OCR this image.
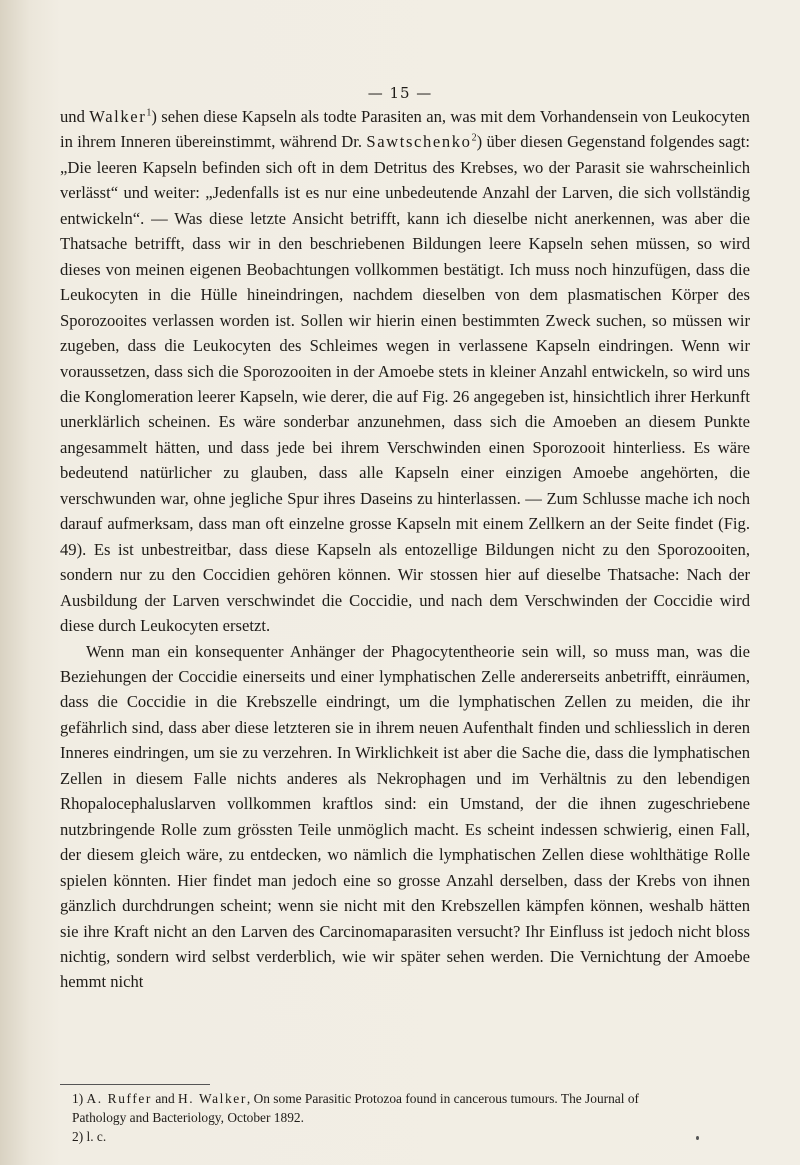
— 15 —

und Walker$^1$) sehen diese Kapseln als todte Parasiten an, was mit dem Vorhandensein von Leukocyten in ihrem Inneren übereinstimmt, während Dr. Sawtschenko$^2$) über diesen Gegenstand folgendes sagt: „Die leeren Kapseln befinden sich oft in dem Detritus des Krebses, wo der Parasit sie wahrscheinlich verlässt“ und weiter: „Jedenfalls ist es nur eine unbedeutende Anzahl der Larven, die sich vollständig entwickeln“. — Was diese letzte Ansicht betrifft, kann ich dieselbe nicht anerkennen, was aber die Thatsache betrifft, dass wir in den beschriebenen Bildungen leere Kapseln sehen müssen, so wird dieses von meinen eigenen Beobachtungen vollkommen bestätigt. Ich muss noch hinzufügen, dass die Leukocyten in die Hülle hineindringen, nachdem dieselben von dem plasmatischen Körper des Sporozooites verlassen worden ist. Sollen wir hierin einen bestimmten Zweck suchen, so müssen wir zugeben, dass die Leukocyten des Schleimes wegen in verlassene Kapseln eindringen. Wenn wir voraussetzen, dass sich die Sporozooiten in der Amoebe stets in kleiner Anzahl entwickeln, so wird uns die Konglomeration leerer Kapseln, wie derer, die auf Fig. 26 angegeben ist, hinsichtlich ihrer Herkunft unerklärlich scheinen. Es wäre sonderbar anzunehmen, dass sich die Amoeben an diesem Punkte angesammelt hätten, und dass jede bei ihrem Verschwinden einen Sporozooit hinterliess. Es wäre bedeutend natürlicher zu glauben, dass alle Kapseln einer einzigen Amoebe angehörten, die verschwunden war, ohne jegliche Spur ihres Daseins zu hinterlassen. — Zum Schlusse mache ich noch darauf aufmerksam, dass man oft einzelne grosse Kapseln mit einem Zellkern an der Seite findet (Fig. 49). Es ist unbestreitbar, dass diese Kapseln als entozellige Bildungen nicht zu den Sporozooiten, sondern nur zu den Coccidien gehören können. Wir stossen hier auf dieselbe Thatsache: Nach der Ausbildung der Larven verschwindet die Coccidie, und nach dem Verschwinden der Coccidie wird diese durch Leukocyten ersetzt.

Wenn man ein konsequenter Anhänger der Phagocytentheorie sein will, so muss man, was die Beziehungen der Coccidie einerseits und einer lymphatischen Zelle andererseits anbetrifft, einräumen, dass die Coccidie in die Krebszelle eindringt, um die lymphatischen Zellen zu meiden, die ihr gefährlich sind, dass aber diese letzteren sie in ihrem neuen Aufenthalt finden und schliesslich in deren Inneres eindringen, um sie zu verzehren. In Wirklichkeit ist aber die Sache die, dass die lymphatischen Zellen in diesem Falle nichts anderes als Nekrophagen und im Verhältnis zu den lebendigen Rhopalocephaluslarven vollkommen kraftlos sind: ein Umstand, der die ihnen zugeschriebene nutzbringende Rolle zum grössten Teile unmöglich macht. Es scheint indessen schwierig, einen Fall, der diesem gleich wäre, zu entdecken, wo nämlich die lymphatischen Zellen diese wohlthätige Rolle spielen könnten. Hier findet man jedoch eine so grosse Anzahl derselben, dass der Krebs von ihnen gänzlich durchdrungen scheint; wenn sie nicht mit den Krebszellen kämpfen können, weshalb hätten sie ihre Kraft nicht an den Larven des Carcinomaparasiten versucht? Ihr Einfluss ist jedoch nicht bloss nichtig, sondern wird selbst verderblich, wie wir später sehen werden. Die Vernichtung der Amoebe hemmt nicht

1) A. Ruffer and H. Walker, On some Parasitic Protozoa found in cancerous tumours. The Journal of

Pathology and Bacteriology, October 1892.

2) l. c.
